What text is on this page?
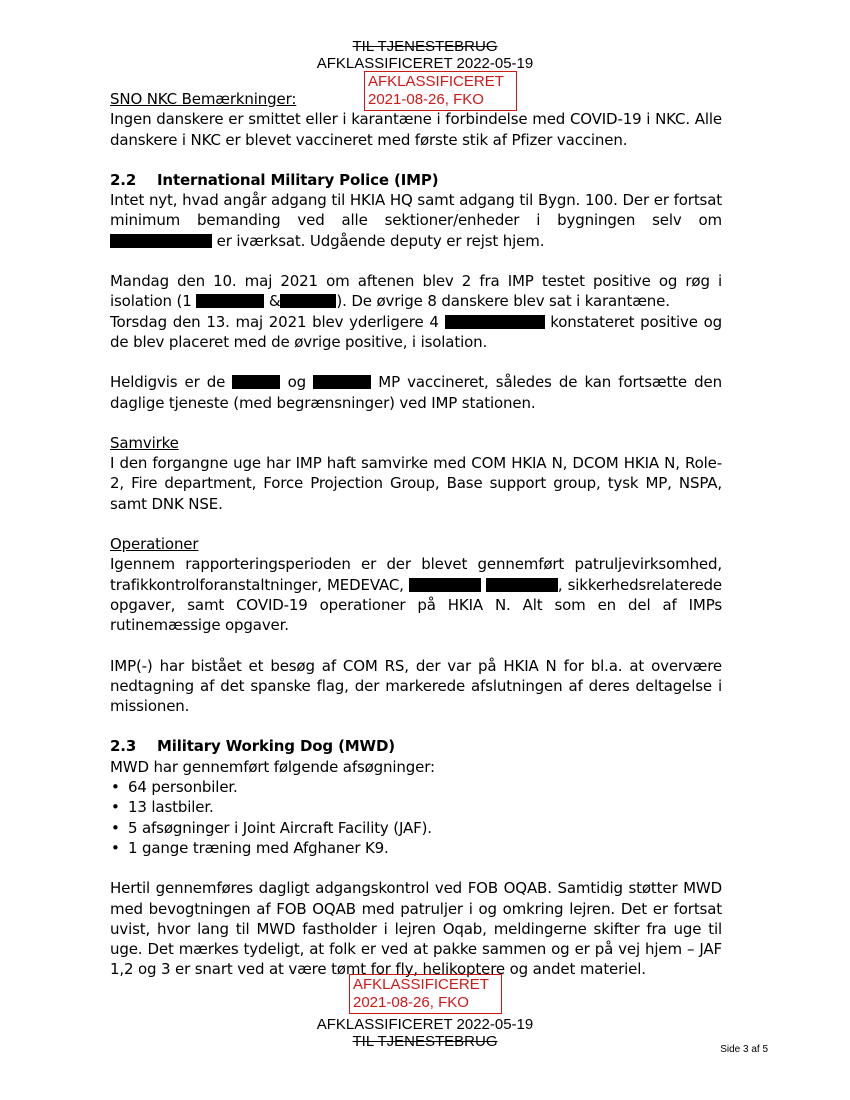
TIL TJENESTEBRUG
AFKLASSIFICERET 2022-05-19
AFKLASSIFICERET
2021-08-26, FKO

SNO NKC Bemærkninger:

Ingen danskere er smittet eller i karantæne i forbindelse med COVID-19 i NKC. Alle danskere i NKC er blevet vaccineret med første stik af Pfizer vaccinen.

2.2 International Military Police (IMP)

Intet nyt, hvad angår adgang til HKIA HQ samt adgang til Bygn. 100. Der er fortsat minimum bemanding ved alle sektioner/enheder i bygningen selv om  er iværksat. Udgående deputy er rejst hjem.

Mandag den 10. maj 2021 om aftenen blev 2 fra IMP testet positive og røg i isolation (1	&	). De øvrige 8 danskere blev sat i karantæne.
Torsdag den 13. maj 2021 blev yderligere 4	konstateret positive og de blev placeret med de øvrige positive, i isolation.

Heldigvis er de	og	MP vaccineret, således de kan fortsætte den daglige tjeneste (med begrænsninger) ved IMP stationen.

Samvirke

I den forgangne uge har IMP haft samvirke med COM HKIA N, DCOM HKIA N, Role-2, Fire department, Force Projection Group, Base support group, tysk MP, NSPA, samt DNK NSE.

Operationer

Igennem rapporteringsperioden er der blevet gennemført patruljevirksomhed, trafikkontrolforanstaltninger, MEDEVAC,	, sikkerhedsrelaterede opgaver, samt COVID-19 operationer på HKIA N. Alt som en del af IMPs rutinemæssige opgaver.

IMP(-) har bistået et besøg af COM RS, der var på HKIA N for bl.a. at overvære nedtagning af det spanske flag, der markerede afslutningen af deres deltagelse i missionen.

2.3 Military Working Dog (MWD)

MWD har gennemført følgende afsøgninger:

• 64 personbiler.
• 13 lastbiler.
• 5 afsøgninger i Joint Aircraft Facility (JAF).
• 1 gange træning med Afghaner K9.

Hertil gennemføres dagligt adgangskontrol ved FOB OQAB. Samtidig støtter MWD med bevogtningen af FOB OQAB med patruljer i og omkring lejren. Det er fortsat uvist, hvor lang til MWD fastholder i lejren Oqab, meldingerne skifter fra uge til uge. Det mærkes tydeligt, at folk er ved at pakke sammen og er på vej hjem – JAF 1,2 og 3 er snart ved at være tømt for fly, helikoptere og andet materiel.

AFKLASSIFICERET
2021-08-26, FKO
AFKLASSIFICERET 2022-05-19
TIL TJENESTEBRUG	Side 3 af 5
